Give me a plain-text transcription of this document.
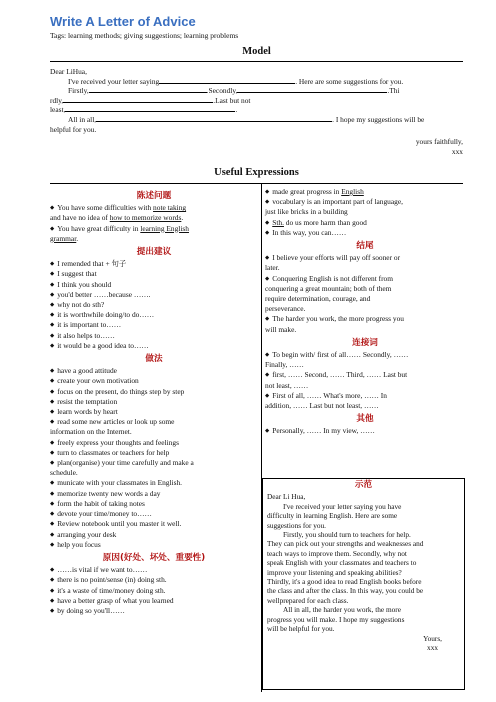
Write A Letter of Advice
Tags: learning methods; giving suggestions; learning problems
Model

Dear LiHua,

I've received your letter saying	. Here are some suggestions for you.

Firstly,	.Secondly,	.Thi

rdly,	.Last but not

least,	.

All in all,	. I hope my suggestions will be

helpful for you.

yours faithfully,

xxx

Useful Expressions

陈述问题

◆ You have some difficulties with note taking

and have no idea of how to memorize words.

◆ You have great difficulty in learning English

grammar.

提出建议

◆ I remended that + 句子

◆ I suggest that

◆ I think you should

◆ you'd better ……because …….

◆ why not do sth?

◆ it is worthwhile doing/to do……

◆ it is important to……

◆ it also helps to……

◆ it would be a good idea to……

做法

◆ have a good attitude

◆ create your own motivation

◆ focus on the present, do things step by step

◆ resist the temptation

◆ learn words by heart

◆ read some new articles or look up some

information on the Internet.

◆ freely express your thoughts and feelings

◆ turn to classmates or teachers for help

◆ plan(organise) your time carefully and make a

schedule.

◆ municate with your classmates in English.

◆ memorize twenty new words a day

◆ form the habit of taking notes

◆ devote your time/money to……

◆ Review notebook until you master it well.

◆ arranging your desk

◆ help you focus

原因(好处、坏处、重要性)

◆ ……is vital if we want to……

◆ there is no point/sense (in) doing sth.

◆ it's a waste of time/money doing sth.

◆ have a better grasp of what you learned

◆ by doing so you'll……

◆ made great progress in English

◆ vocabulary is an important part of language,

just like bricks in a building

◆ Sth. do us more harm than good

◆ In this way, you can……

结尾

◆ I believe your efforts will pay off sooner or

later.

◆ Conquering English is not different from

conquering a great mountain; both of them

require determination, courage, and

perseverance.

◆ The harder you work, the more progress you

will make.

连接词

◆ To begin with/ first of all…… Secondly, ……

Finally, ……

◆ first, …… Second, …… Third, …… Last but

not least, ……

◆ First of all, …… What's more, …… In

addition, …… Last but not least, ……

其他

◆ Personally, …… In my view, ……

示范

Dear Li Hua,

I've received your letter saying you have

difficulty in learning English. Here are some

suggestions for you.

Firstly, you should turn to teachers for help.

They can pick out your strengths and weaknesses and

teach ways to improve them. Secondly, why not

speak English with your classmates and teachers to

improve your listening and speaking abilities?

Thirdly, it's a good idea to read English books before

the class and after the class. In this way, you could be

wellprepared for each class.

All in all, the harder you work, the more

progress you will make. I hope my suggestions

will be helpful for you.

Yours,

xxx
